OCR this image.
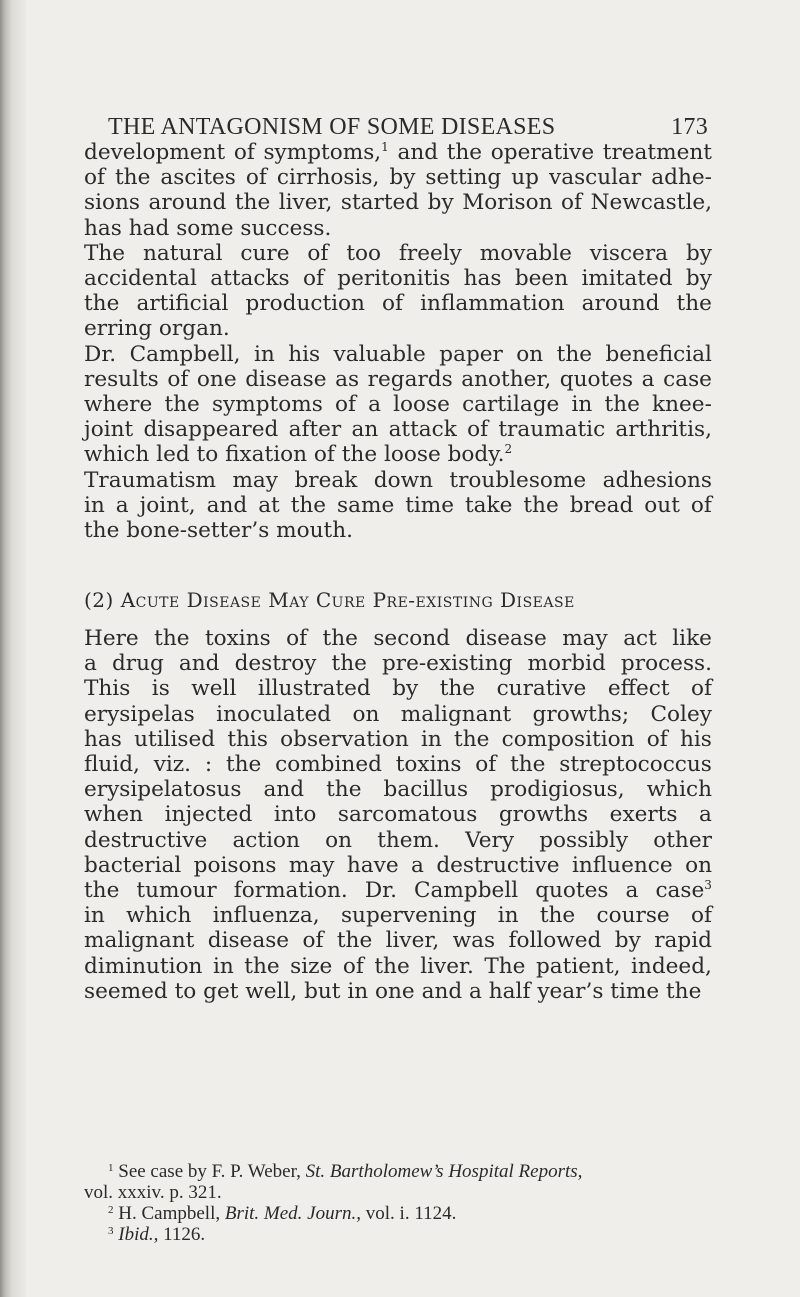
THE ANTAGONISM OF SOME DISEASES	173
development of symptoms,$^1$ and the operative treatment
of the ascites of cirrhosis, by setting up vascular adhe-
sions around the liver, started by Morison of Newcastle,
has had some success.
The natural cure of too freely movable viscera by
accidental attacks of peritonitis has been imitated by
the artificial production of inflammation around the
erring organ.
Dr. Campbell, in his valuable paper on the beneficial
results of one disease as regards another, quotes a case
where the symptoms of a loose cartilage in the knee-
joint disappeared after an attack of traumatic arthritis,
which led to fixation of the loose body.$^2$
Traumatism may break down troublesome adhesions
in a joint, and at the same time take the bread out of
the bone-setter’s mouth.
(2) Acute Disease May Cure Pre-existing Disease
Here the toxins of the second disease may act like
a drug and destroy the pre-existing morbid process.
This is well illustrated by the curative effect of
erysipelas inoculated on malignant growths; Coley
has utilised this observation in the composition of his
fluid, viz. : the combined toxins of the streptococcus
erysipelatosus and the bacillus prodigiosus, which
when injected into sarcomatous growths exerts a
destructive action on them. Very possibly other
bacterial poisons may have a destructive influence on
the tumour formation. Dr. Campbell quotes a case$^3$
in which influenza, supervening in the course of
malignant disease of the liver, was followed by rapid
diminution in the size of the liver. The patient, indeed,
seemed to get well, but in one and a half year’s time the
$^1$ See case by F. P. Weber, St. Bartholomew’s Hospital Reports,
vol. xxxiv. p. 321.
$^2$ H. Campbell, Brit. Med. Journ., vol. i. 1124.
$^3$ Ibid., 1126.
